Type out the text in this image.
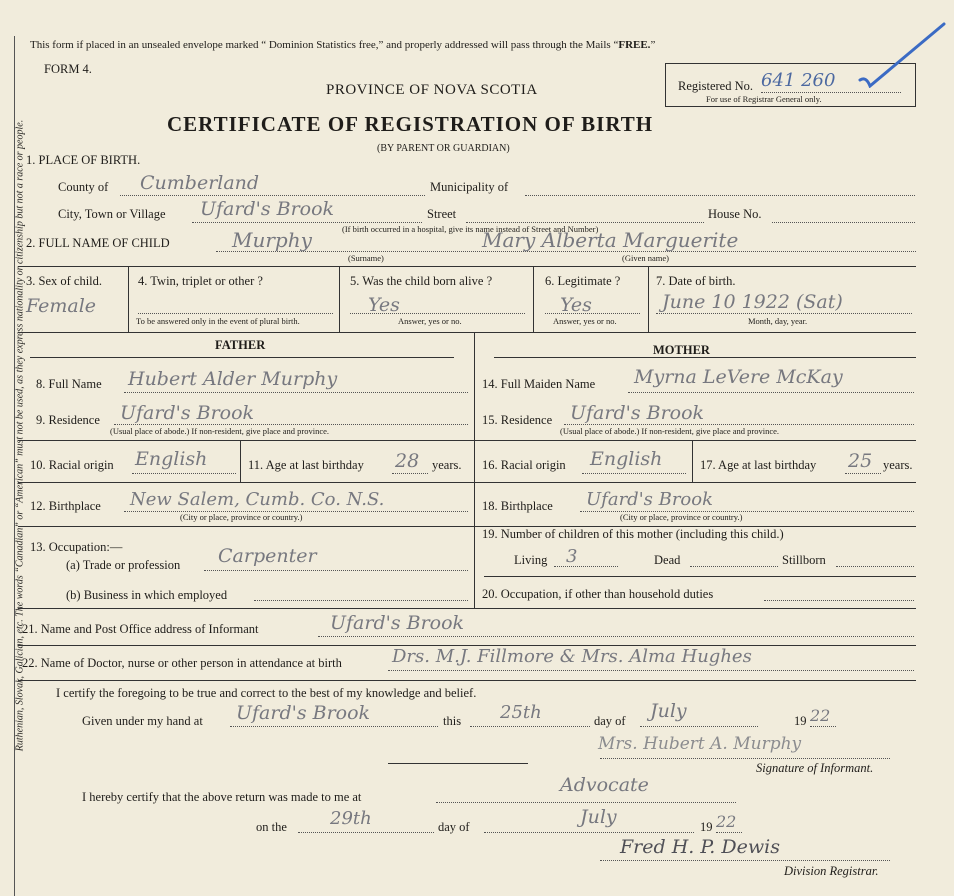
Ruthenian, Slovak, Galician, etc. The words “Canadian” or “American” must not be used, as they express nationality or citizenship but not a race or people.
This form if placed in an unsealed envelope marked “ Dominion Statistics free,” and properly addressed will pass through the Mails “FREE.”
FORM 4.
PROVINCE OF NOVA SCOTIA
CERTIFICATE OF REGISTRATION OF BIRTH
(BY PARENT OR GUARDIAN)
Registered No. 641 260
For use of Registrar General only.
1. PLACE OF BIRTH.
County of Cumberland	Municipality of
City, Town or Village Ufard's Brook	Street	House No.
(If birth occurred in a hospital, give its name instead of Street and Number)
2. FULL NAME OF CHILD	Murphy	Mary Alberta Marguerite
(Surname)	(Given name)
3. Sex of child.
Female
4. Twin, triplet or other ?
To be answered only in the event of plural birth.
5. Was the child born alive ?
Yes
Answer, yes or no.
6. Legitimate ?
Yes
Answer, yes or no.
7. Date of birth.
June 10 1922 (Sat)
Month, day, year.
FATHER	MOTHER
8. Full Name Hubert Alder Murphy	14. Full Maiden Name Myrna LeVere McKay
9. Residence Ufard's Brook
(Usual place of abode.) If non-resident, give place and province.
15. Residence Ufard's Brook
(Usual place of abode.) If non-resident, give place and province.
10. Racial origin English	11. Age at last birthday 28 years. 16. Racial origin English	17. Age at last birthday 25 years.
12. Birthplace New Salem, Cumb. Co. N.S.
(City or place, province or country.)
18. Birthplace Ufard's Brook
(City or place, province or country.)
13. Occupation:—
(a) Trade or profession Carpenter
(b) Business in which employed
19. Number of children of this mother (including this child.)
Living 3	Dead	Stillborn
20. Occupation, if other than household duties
21. Name and Post Office address of Informant	Ufard's Brook
22. Name of Doctor, nurse or other person in attendance at birth	Drs. M.J. Fillmore & Mrs. Alma Hughes
I certify the foregoing to be true and correct to the best of my knowledge and belief.
Given under my hand at Ufard's Brook	this 25th	day of July	19 22
Mrs. Hubert A. Murphy
Signature of Informant.
I hereby certify that the above return was made to me at
Advocate
on the 29th	day of	July	19 22
Fred H. P. Dewis
Division Registrar.
